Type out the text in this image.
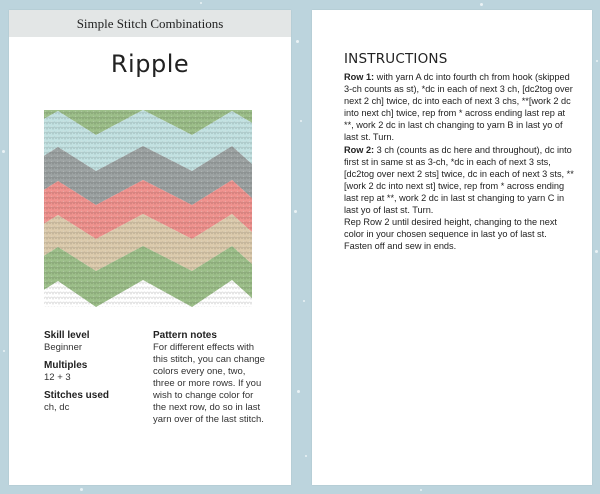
Simple Stitch Combinations
Ripple
Skill level
Beginner
Multiples
12 + 3
Stitches used
ch, dc
Pattern notes
For different effects with this stitch, you can change colors every one, two, three or more rows. If you wish to change color for the next row, do so in last yarn over of the last stitch.
INSTRUCTIONS

Row 1: with yarn A dc into fourth ch from hook (skipped 3-ch counts as st), *dc in each of next 3 ch, [dc2tog over next 2 ch] twice, dc into each of next 3 chs, **[work 2 dc into next ch] twice, rep from * across ending last rep at **, work 2 dc in last ch changing to yarn B in last yo of last st. Turn.

Row 2: 3 ch (counts as dc here and throughout), dc into first st in same st as 3-ch, *dc in each of next 3 sts, [dc2tog over next 2 sts] twice, dc in each of next 3 sts, **[work 2 dc into next st] twice, rep from * across ending last rep at **, work 2 dc in last st changing to yarn C in last yo of last st. Turn.

Rep Row 2 until desired height, changing to the next color in your chosen sequence in last yo of last st.

Fasten off and sew in ends.
